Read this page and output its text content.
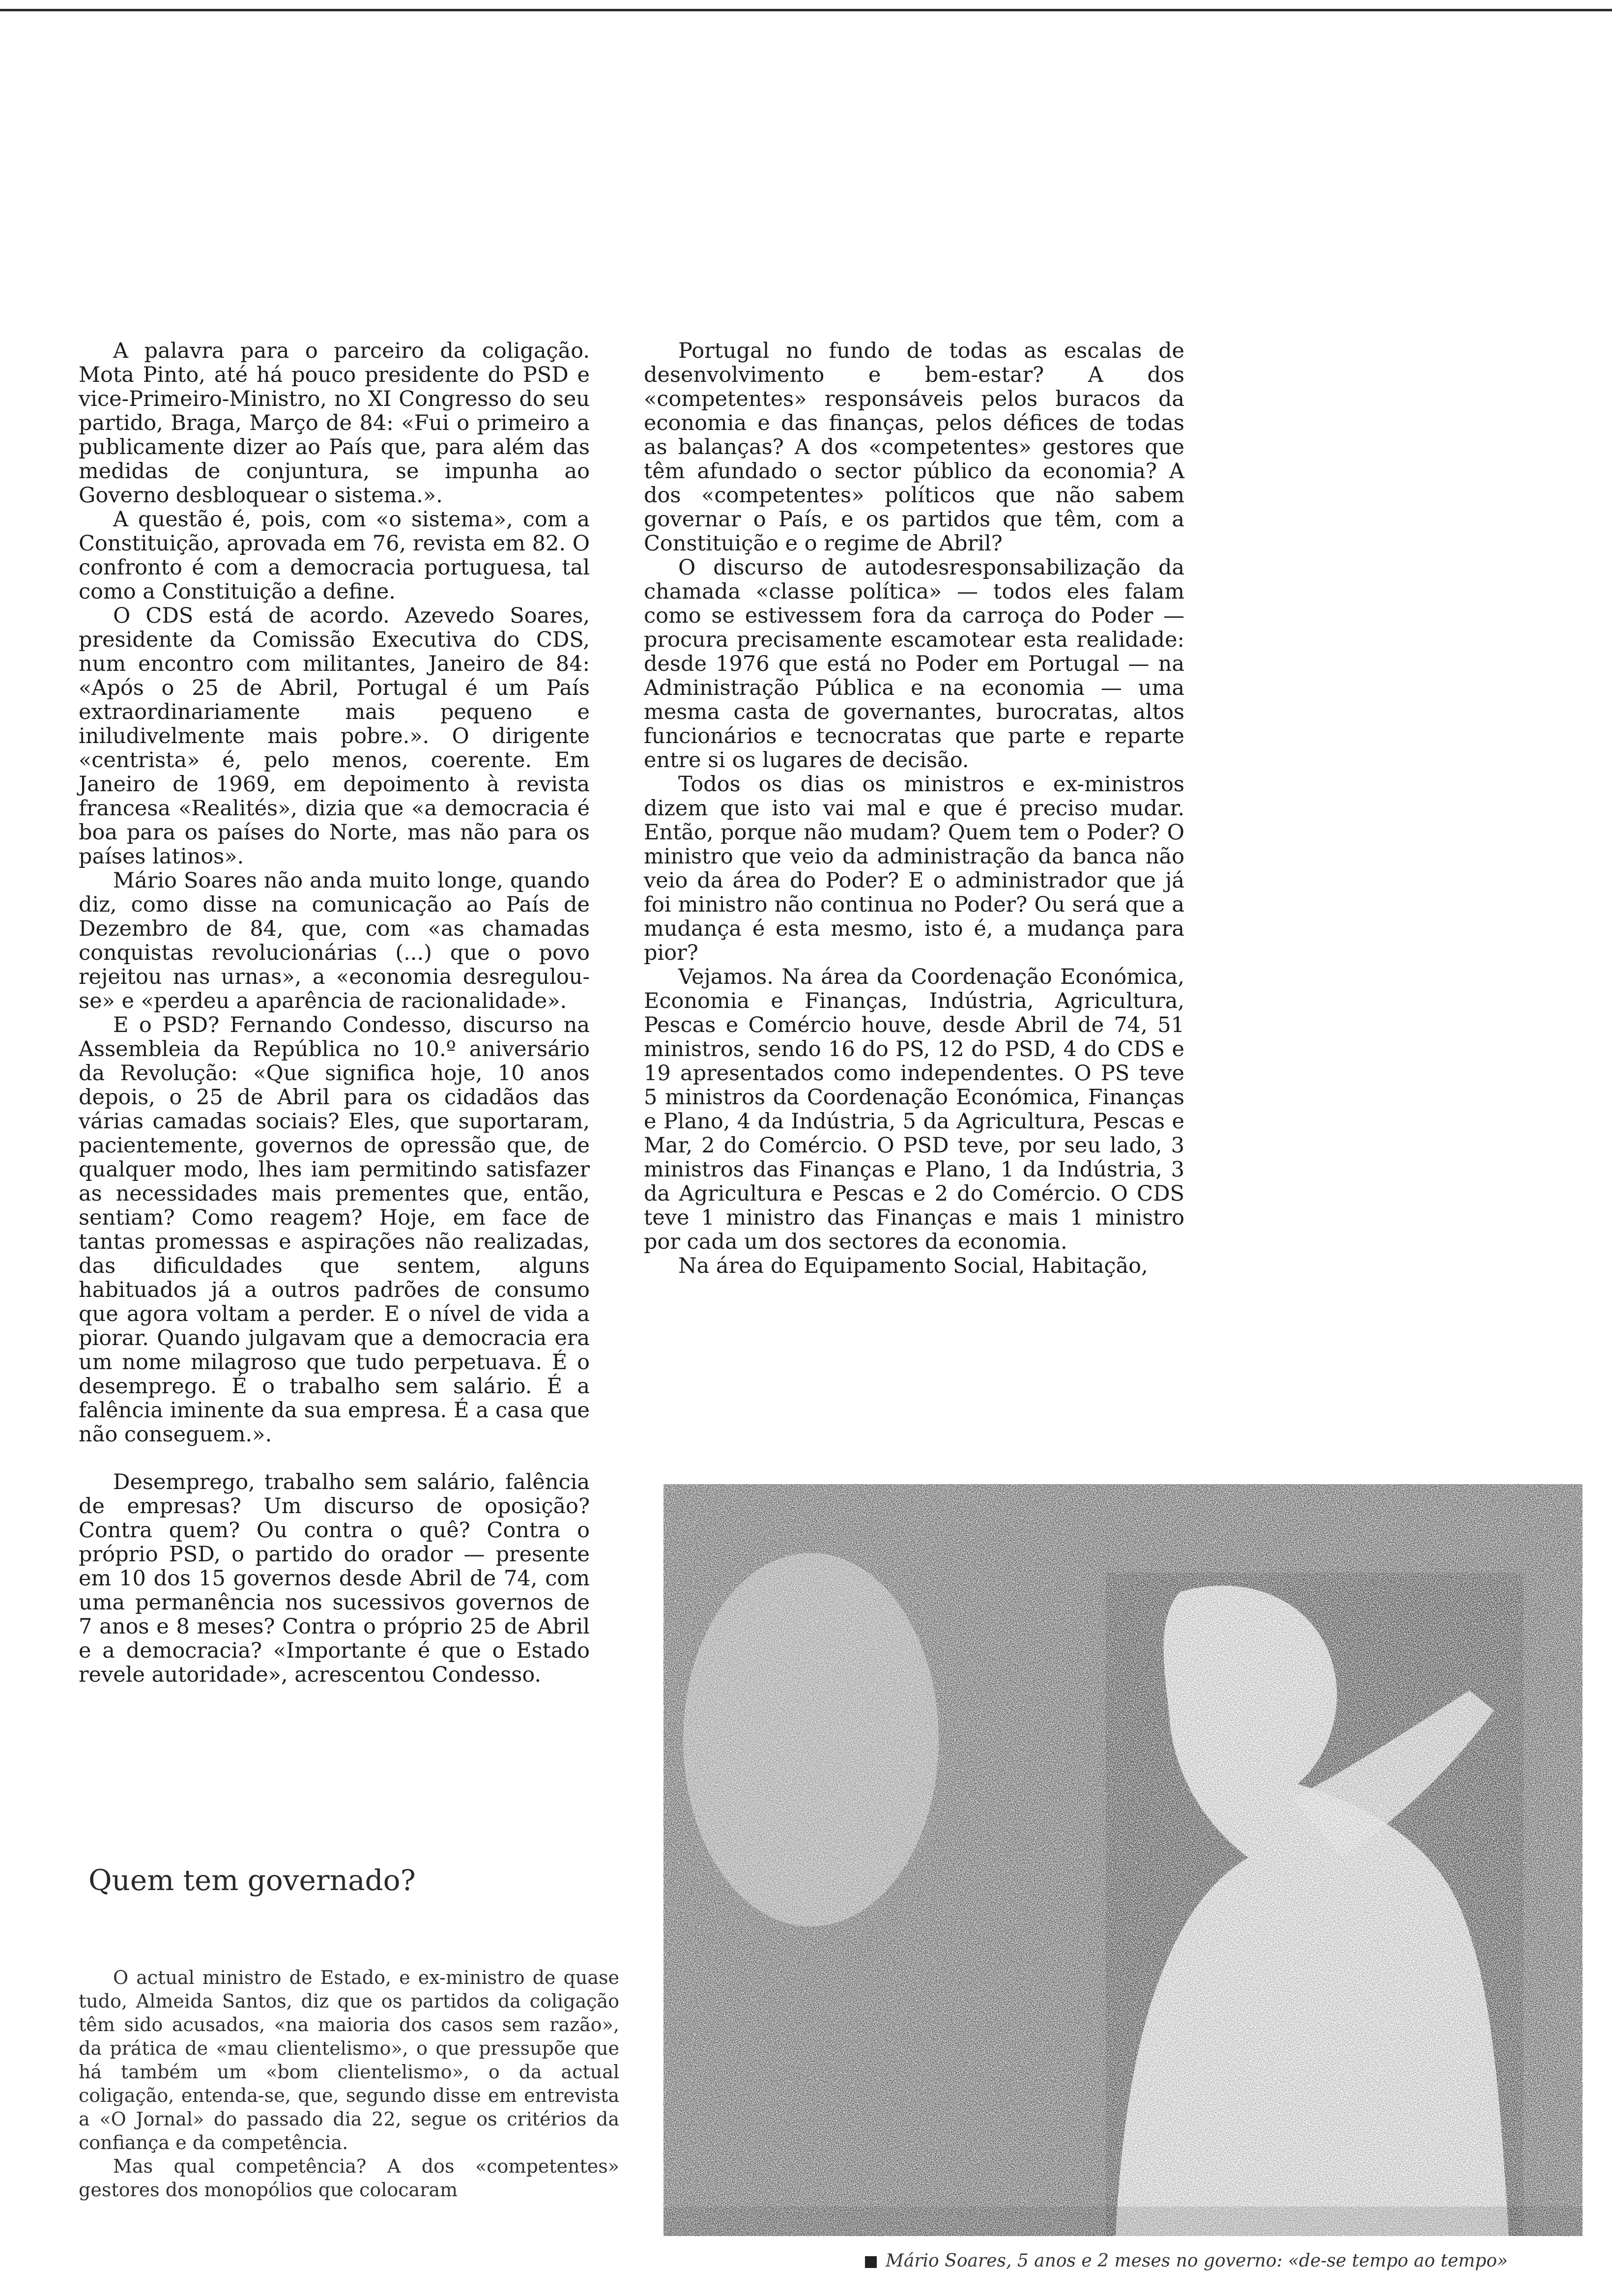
A palavra para o parceiro da coligação. Mota Pinto, até há pouco presidente do PSD e vice-Primeiro-Ministro, no XI Congresso do seu partido, Braga, Março de 84: «Fui o primeiro a publicamente dizer ao País que, para além das medidas de conjuntura, se impunha ao Governo desbloquear o sistema.».

A questão é, pois, com «o sistema», com a Constituição, aprovada em 76, revista em 82. O confronto é com a democracia portuguesa, tal como a Constituição a define.

O CDS está de acordo. Azevedo Soares, presidente da Comissão Executiva do CDS, num encontro com militantes, Janeiro de 84: «Após o 25 de Abril, Portugal é um País extraordinariamente mais pequeno e iniludivelmente mais pobre.». O dirigente «centrista» é, pelo menos, coerente. Em Janeiro de 1969, em depoimento à revista francesa «Realités», dizia que «a democracia é boa para os países do Norte, mas não para os países latinos».

Mário Soares não anda muito longe, quando diz, como disse na comunicação ao País de Dezembro de 84, que, com «as chamadas conquistas revolucionárias (...) que o povo rejeitou nas urnas», a «economia desregulou-se» e «perdeu a aparência de racionalidade».

E o PSD? Fernando Condesso, discurso na Assembleia da República no 10.º aniversário da Revolução: «Que significa hoje, 10 anos depois, o 25 de Abril para os cidadãos das várias camadas sociais? Eles, que suportaram, pacientemente, governos de opressão que, de qualquer modo, lhes iam permitindo satisfazer as necessidades mais prementes que, então, sentiam? Como reagem? Hoje, em face de tantas promessas e aspirações não realizadas, das dificuldades que sentem, alguns habituados já a outros padrões de consumo que agora voltam a perder. E o nível de vida a piorar. Quando julgavam que a democracia era um nome milagroso que tudo perpetuava. É o desemprego. É o trabalho sem salário. É a falência iminente da sua empresa. É a casa que não conseguem.».

Desemprego, trabalho sem salário, falência de empresas? Um discurso de oposição? Contra quem? Ou contra o quê? Contra o próprio PSD, o partido do orador — presente em 10 dos 15 governos desde Abril de 74, com uma permanência nos sucessivos governos de 7 anos e 8 meses? Contra o próprio 25 de Abril e a democracia? «Importante é que o Estado revele autoridade», acrescentou Condesso.

Quem tem governado?

O actual ministro de Estado, e ex-ministro de quase tudo, Almeida Santos, diz que os partidos da coligação têm sido acusados, «na maioria dos casos sem razão», da prática de «mau clientelismo», o que pressupõe que há também um «bom clientelismo», o da actual coligação, entenda-se, que, segundo disse em entrevista a «O Jornal» do passado dia 22, segue os critérios da confiança e da competência.

Mas qual competência? A dos «competentes» gestores dos monopólios que colocaram

Portugal no fundo de todas as escalas de desenvolvimento e bem-estar? A dos «competentes» responsáveis pelos buracos da economia e das finanças, pelos défices de todas as balanças? A dos «competentes» gestores que têm afundado o sector público da economia? A dos «competentes» políticos que não sabem governar o País, e os partidos que têm, com a Constituição e o regime de Abril?

O discurso de autodesresponsabilização da chamada «classe política» — todos eles falam como se estivessem fora da carroça do Poder — procura precisamente escamotear esta realidade: desde 1976 que está no Poder em Portugal — na Administração Pública e na economia — uma mesma casta de governantes, burocratas, altos funcionários e tecnocratas que parte e reparte entre si os lugares de decisão.

Todos os dias os ministros e ex-ministros dizem que isto vai mal e que é preciso mudar. Então, porque não mudam? Quem tem o Poder? O ministro que veio da administração da banca não veio da área do Poder? E o administrador que já foi ministro não continua no Poder? Ou será que a mudança é esta mesmo, isto é, a mudança para pior?

Vejamos. Na área da Coordenação Económica, Economia e Finanças, Indústria, Agricultura, Pescas e Comércio houve, desde Abril de 74, 51 ministros, sendo 16 do PS, 12 do PSD, 4 do CDS e 19 apresentados como independentes. O PS teve 5 ministros da Coordenação Económica, Finanças e Plano, 4 da Indústria, 5 da Agricultura, Pescas e Mar, 2 do Comércio. O PSD teve, por seu lado, 3 ministros das Finanças e Plano, 1 da Indústria, 3 da Agricultura e Pescas e 2 do Comércio. O CDS teve 1 ministro das Finanças e mais 1 ministro por cada um dos sectores da economia.

Na área do Equipamento Social, Habitação,

Mário Soares, 5 anos e 2 meses no governo: «de-se tempo ao tempo»
